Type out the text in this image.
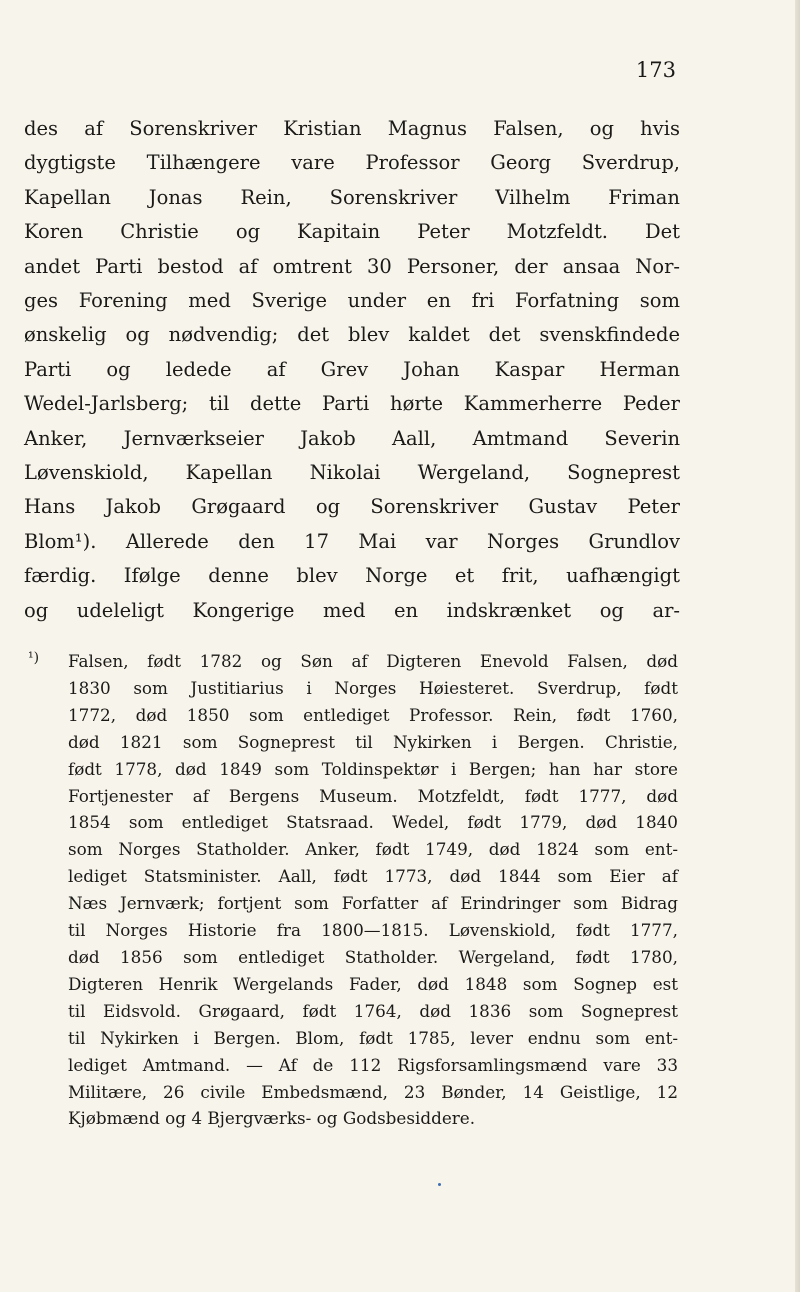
173
des af Sorenskriver Kristian Magnus Falsen, og hvis
dygtigste Tilhængere vare Professor Georg Sverdrup,
Kapellan Jonas Rein, Sorenskriver Vilhelm Friman
Koren Christie og Kapitain Peter Motzfeldt. Det
andet Parti bestod af omtrent 30 Personer, der ansaa Nor-
ges Forening med Sverige under en fri Forfatning som
ønskelig og nødvendig; det blev kaldet det svenskfindede
Parti og ledede af Grev Johan Kaspar Herman
Wedel-Jarlsberg; til dette Parti hørte Kammerherre Peder
Anker, Jernværkseier Jakob Aall, Amtmand Severin
Løvenskiold, Kapellan Nikolai Wergeland, Sogneprest
Hans Jakob Grøgaard og Sorenskriver Gustav Peter
Blom¹). Allerede den 17 Mai var Norges Grundlov
færdig. Ifølge denne blev Norge et frit, uafhængigt
og udeleligt Kongerige med en indskrænket og ar-
¹) Falsen, født 1782 og Søn af Digteren Enevold Falsen, død
1830 som Justitiarius i Norges Høiesteret. Sverdrup, født
1772, død 1850 som entlediget Professor. Rein, født 1760,
død 1821 som Sogneprest til Nykirken i Bergen. Christie,
født 1778, død 1849 som Toldinspektør i Bergen; han har store
Fortjenester af Bergens Museum. Motzfeldt, født 1777, død
1854 som entlediget Statsraad. Wedel, født 1779, død 1840
som Norges Statholder. Anker, født 1749, død 1824 som ent-
lediget Statsminister. Aall, født 1773, død 1844 som Eier af
Næs Jernværk; fortjent som Forfatter af Erindringer som Bidrag
til Norges Historie fra 1800—1815. Løvenskiold, født 1777,
død 1856 som entlediget Statholder. Wergeland, født 1780,
Digteren Henrik Wergelands Fader, død 1848 som Sognep est
til Eidsvold. Grøgaard, født 1764, død 1836 som Sogneprest
til Nykirken i Bergen. Blom, født 1785, lever endnu som ent-
lediget Amtmand. — Af de 112 Rigsforsamlingsmænd vare 33
Militære, 26 civile Embedsmænd, 23 Bønder, 14 Geistlige, 12
Kjøbmænd og 4 Bjergværks- og Godsbesiddere.
